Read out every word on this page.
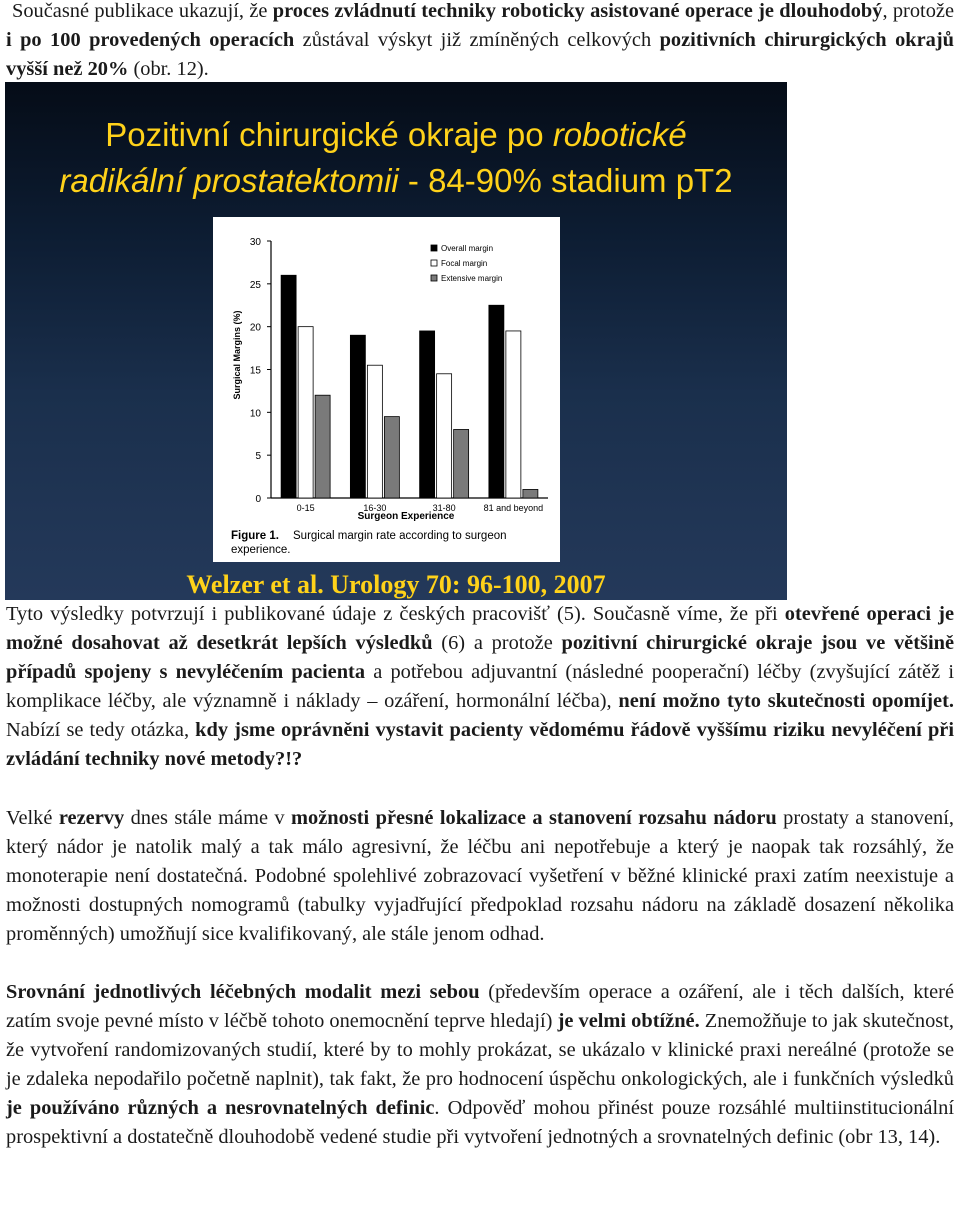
Současné publikace ukazují, že proces zvládnutí techniky roboticky asistované operace je dlouhodobý, protože i po 100 provedených operacích zůstával výskyt již zmíněných celkových pozitivních chirurgických okrajů vyšší než 20% (obr. 12).

Pozitivní chirurgické okraje po robotické
radikální prostatektomii - 84-90% stadium pT2
0
5
10
15
20
25
30
0-15	16-30	31-80	81 and beyond
Overall margin
Focal margin
Extensive margin
Surgical Margins (%)
Surgeon Experience
Figure 1. Surgical margin rate according to surgeon
experience.
Welzer et al. Urology 70: 96-100, 2007

Tyto výsledky potvrzují i publikované údaje z českých pracovišť (5). Současně víme, že při otevřené operaci je možné dosahovat až desetkrát lepších výsledků (6) a protože pozitivní chirurgické okraje jsou ve většině případů spojeny s nevyléčením pacienta a potřebou adjuvantní (následné pooperační) léčby (zvyšující zátěž i komplikace léčby, ale významně i náklady – ozáření, hormonální léčba), není možno tyto skutečnosti opomíjet. Nabízí se tedy otázka, kdy jsme oprávněni vystavit pacienty vědomému řádově vyššímu riziku nevyléčení při zvládání techniky nové metody?!?

Velké rezervy dnes stále máme v možnosti přesné lokalizace a stanovení rozsahu nádoru prostaty a stanovení, který nádor je natolik malý a tak málo agresivní, že léčbu ani nepotřebuje a který je naopak tak rozsáhlý, že monoterapie není dostatečná. Podobné spolehlivé zobrazovací vyšetření v běžné klinické praxi zatím neexistuje a možnosti dostupných nomogramů (tabulky vyjadřující předpoklad rozsahu nádoru na základě dosazení několika proměnných) umožňují sice kvalifikovaný, ale stále jenom odhad.

Srovnání jednotlivých léčebných modalit mezi sebou (především operace a ozáření, ale i těch dalších, které zatím svoje pevné místo v léčbě tohoto onemocnění teprve hledají) je velmi obtížné. Znemožňuje to jak skutečnost, že vytvoření randomizovaných studií, které by to mohly prokázat, se ukázalo v klinické praxi nereálné (protože se je zdaleka nepodařilo početně naplnit), tak fakt, že pro hodnocení úspěchu onkologických, ale i funkčních výsledků je používáno různých a nesrovnatelných definic. Odpověď mohou přinést pouze rozsáhlé multiinstitucionální prospektivní a dostatečně dlouhodobě vedené studie při vytvoření jednotných a srovnatelných definic (obr 13, 14).
